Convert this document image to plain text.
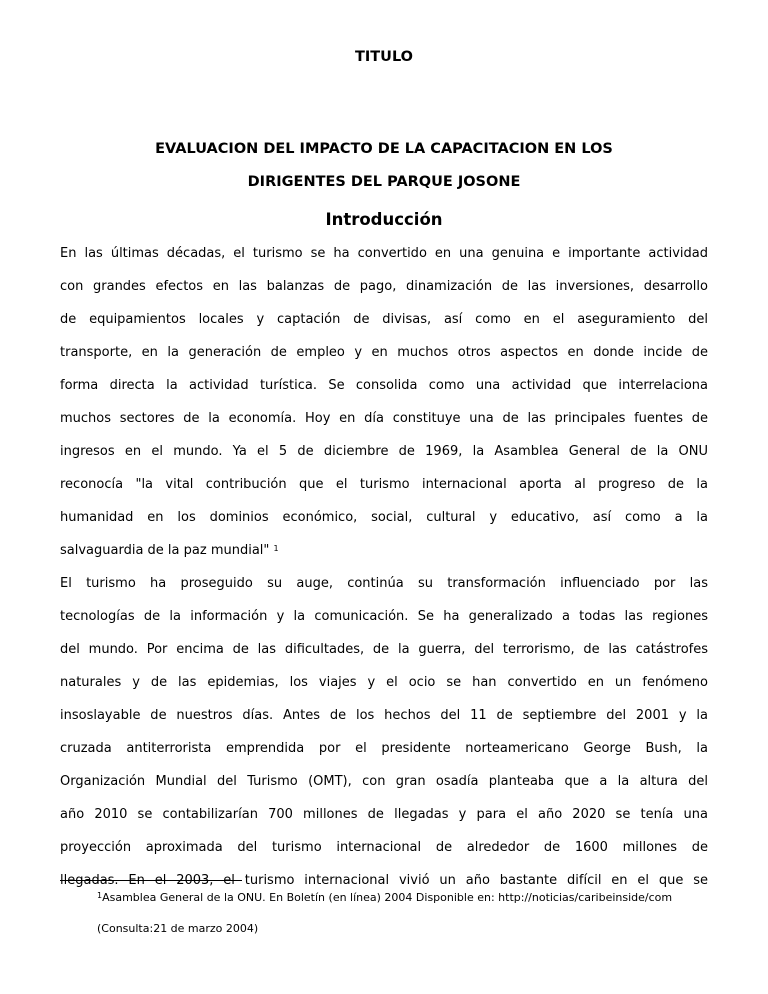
TITULO
EVALUACION DEL IMPACTO DE LA CAPACITACION EN LOS
DIRIGENTES DEL PARQUE JOSONE
Introducción
En las últimas décadas, el turismo se ha convertido en una genuina e importante actividad
con grandes efectos en las balanzas de pago, dinamización de las inversiones, desarrollo
de equipamientos locales y captación de divisas, así como en el aseguramiento del
transporte, en la generación de empleo y en muchos otros aspectos en donde incide de
forma directa la actividad turística. Se consolida como una actividad que interrelaciona
muchos sectores de la economía. Hoy en día constituye una de las principales fuentes de
ingresos en el mundo. Ya el 5 de diciembre de 1969, la Asamblea General de la ONU
reconocía "la vital contribución que el turismo internacional aporta al progreso de la
humanidad en los dominios económico, social, cultural y educativo, así como a la
salvaguardia de la paz mundial" $^1$
El turismo ha proseguido su auge, continúa su transformación influenciado por las
tecnologías de la información y la comunicación. Se ha generalizado a todas las regiones
del mundo. Por encima de las dificultades, de la guerra, del terrorismo, de las catástrofes
naturales y de las epidemias, los viajes y el ocio se han convertido en un fenómeno
insoslayable de nuestros días. Antes de los hechos del 11 de septiembre del 2001 y la
cruzada antiterrorista emprendida por el presidente norteamericano George Bush, la
Organización Mundial del Turismo (OMT), con gran osadía planteaba que a la altura del
año 2010 se contabilizarían 700 millones de llegadas y para el año 2020 se tenía una
proyección aproximada del turismo internacional de alrededor de 1600 millones de
llegadas. En el 2003, el turismo internacional vivió un año bastante difícil en el que se
$^1$Asamblea General de la ONU. En Boletín (en línea) 2004 Disponible en: http://noticias/caribeinside/com
(Consulta:21 de marzo 2004)
